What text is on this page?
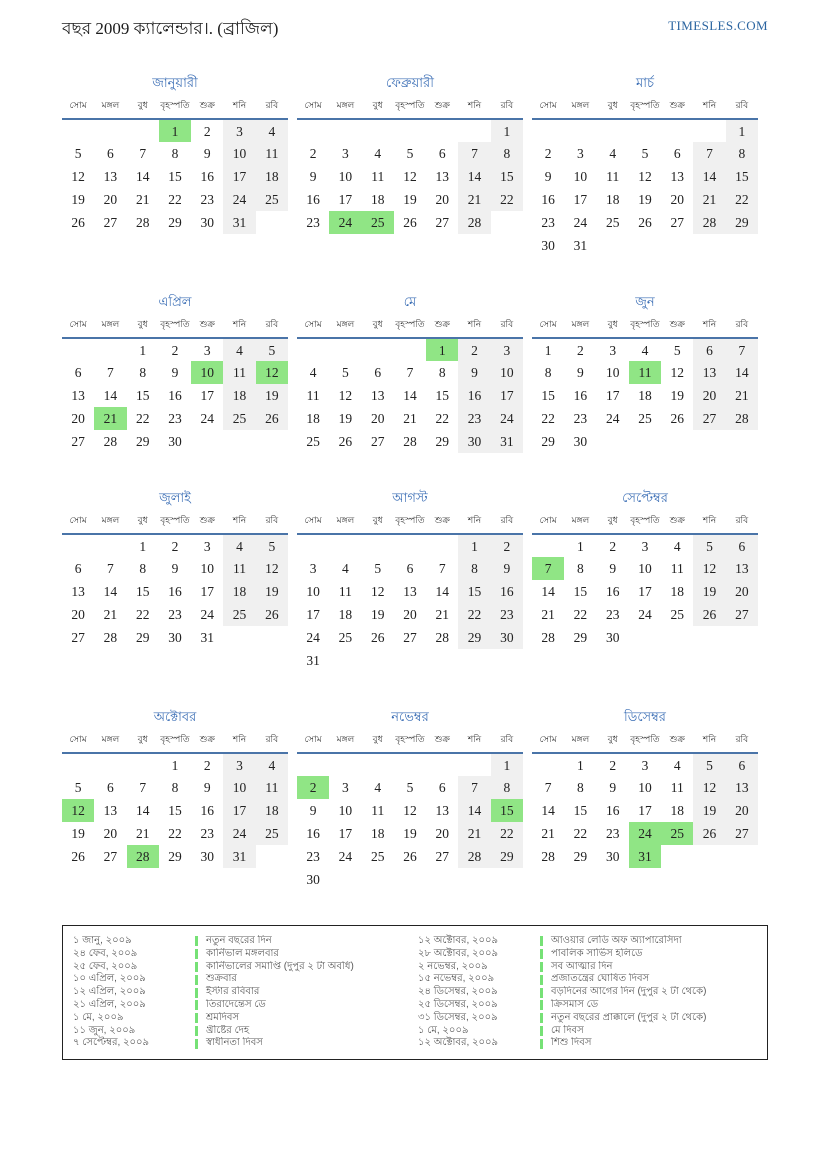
বছর 2009 ক্যালেন্ডার।. (ব্রাজিল)	TIMESLES.COM
জানুয়ারী
সোম	মঙ্গল	বুধ	বৃহস্পতি	শুক্র	শনি	রবি
			1	2	3	4
5	6	7	8	9	10	11
12	13	14	15	16	17	18
19	20	21	22	23	24	25
26	27	28	29	30	31	
ফেব্রুয়ারী
সোম	মঙ্গল	বুধ	বৃহস্পতি	শুক্র	শনি	রবি
						1
2	3	4	5	6	7	8
9	10	11	12	13	14	15
16	17	18	19	20	21	22
23	24	25	26	27	28	
মার্চ
সোম	মঙ্গল	বুধ	বৃহস্পতি	শুক্র	শনি	রবি
						1
2	3	4	5	6	7	8
9	10	11	12	13	14	15
16	17	18	19	20	21	22
23	24	25	26	27	28	29
30	31					
এপ্রিল
সোম	মঙ্গল	বুধ	বৃহস্পতি	শুক্র	শনি	রবি
		1	2	3	4	5
6	7	8	9	10	11	12
13	14	15	16	17	18	19
20	21	22	23	24	25	26
27	28	29	30			
মে
সোম	মঙ্গল	বুধ	বৃহস্পতি	শুক্র	শনি	রবি
				1	2	3
4	5	6	7	8	9	10
11	12	13	14	15	16	17
18	19	20	21	22	23	24
25	26	27	28	29	30	31
জুন
সোম	মঙ্গল	বুধ	বৃহস্পতি	শুক্র	শনি	রবি
1	2	3	4	5	6	7
8	9	10	11	12	13	14
15	16	17	18	19	20	21
22	23	24	25	26	27	28
29	30					
জুলাই
সোম	মঙ্গল	বুধ	বৃহস্পতি	শুক্র	শনি	রবি
		1	2	3	4	5
6	7	8	9	10	11	12
13	14	15	16	17	18	19
20	21	22	23	24	25	26
27	28	29	30	31		
আগস্ট
সোম	মঙ্গল	বুধ	বৃহস্পতি	শুক্র	শনি	রবি
					1	2
3	4	5	6	7	8	9
10	11	12	13	14	15	16
17	18	19	20	21	22	23
24	25	26	27	28	29	30
31						
সেপ্টেম্বর
সোম	মঙ্গল	বুধ	বৃহস্পতি	শুক্র	শনি	রবি
	1	2	3	4	5	6
7	8	9	10	11	12	13
14	15	16	17	18	19	20
21	22	23	24	25	26	27
28	29	30				
অক্টোবর
সোম	মঙ্গল	বুধ	বৃহস্পতি	শুক্র	শনি	রবি
			1	2	3	4
5	6	7	8	9	10	11
12	13	14	15	16	17	18
19	20	21	22	23	24	25
26	27	28	29	30	31	
নভেম্বর
সোম	মঙ্গল	বুধ	বৃহস্পতি	শুক্র	শনি	রবি
						1
2	3	4	5	6	7	8
9	10	11	12	13	14	15
16	17	18	19	20	21	22
23	24	25	26	27	28	29
30						
ডিসেম্বর
সোম	মঙ্গল	বুধ	বৃহস্পতি	শুক্র	শনি	রবি
	1	2	3	4	5	6
7	8	9	10	11	12	13
14	15	16	17	18	19	20
21	22	23	24	25	26	27
28	29	30	31			
১ জানু, ২০০৯	নতুন বছরের দিন
২৪ ফেব, ২০০৯	কার্নিভাল মঙ্গলবার
২৫ ফেব, ২০০৯	কার্নিভালের সমাপ্তি (দুপুর ২ টা অবধি)
১০ এপ্রিল, ২০০৯	শুক্রবার
১২ এপ্রিল, ২০০৯	ইস্টার রবিবার
২১ এপ্রিল, ২০০৯	তিরাদেন্তেস ডে
১ মে, ২০০৯	শ্রমদিবস
১১ জুন, ২০০৯	খ্রীষ্টের দেহ
৭ সেপ্টেম্বর, ২০০৯	স্বাধীনতা দিবস
১২ অক্টোবর, ২০০৯	আওয়ার লেডি অফ অ্যাপারেসিদা
২৮ অক্টোবর, ২০০৯	পাবলিক সার্ভিস হলিডে
২ নভেম্বর, ২০০৯	সব আত্মার দিন
১৫ নভেম্বর, ২০০৯	প্রজাতন্ত্রের ঘোষিত দিবস
২৪ ডিসেম্বর, ২০০৯	বড়দিনের আগের দিন (দুপুর ২ টা থেকে)
২৫ ডিসেম্বর, ২০০৯	ক্রিসমাস ডে
৩১ ডিসেম্বর, ২০০৯	নতুন বছরের প্রাক্কালে (দুপুর ২ টা থেকে)
১ মে, ২০০৯	মে দিবস
১২ অক্টোবর, ২০০৯	শিশু দিবস
